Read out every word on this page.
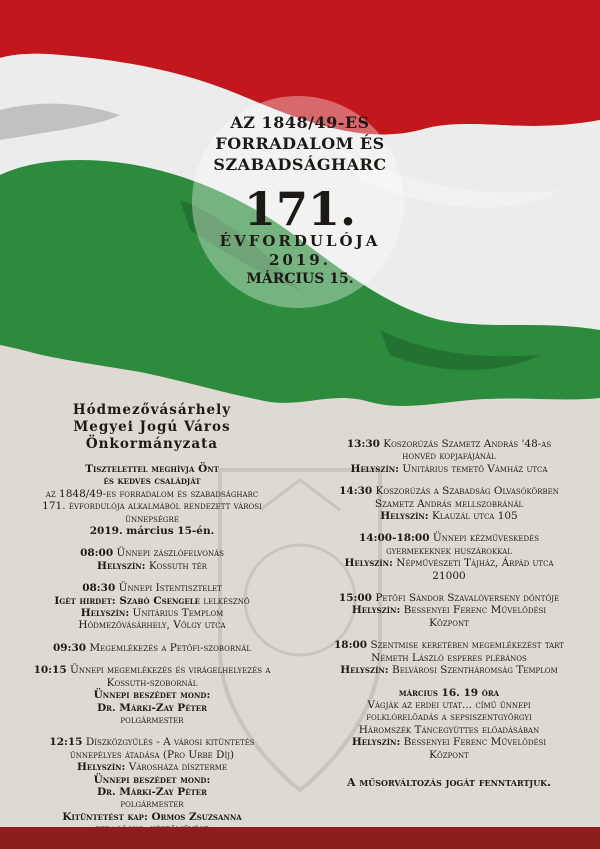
AZ 1848/49-ES
FORRADALOM ÉS
SZABADSÁGHARC
171.
ÉVFORDULÓJA
2019.
MÁRCIUS 15.
Hódmezővásárhely
Megyei Jogú Város
Önkormányzata
Tisztelettel meghívja Önt
és kedves családját
az 1848/49-es forradalom és szabadságharc
171. évfordulója alkalmából rendezett városi
ünnepségre
2019. március 15-én.
08:00 Ünnepi zászlófelvonás
Helyszín: Kossuth tér
08:30 Ünnepi Istentisztelet
Igét hirdet: Szabó Csengele lelkésznő
Helyszín: Unitárius Templom
Hódmezővásárhely, Völgy utca
09:30 Megemlékezés a Petőfi-szobornál
10:15 Ünnepi megemlékezés és virágelhelyezés a
Kossuth-szobornál
Ünnepi beszédet mond:
Dr. Márki-Zay Péter
polgármester
12:15 Díszközgyűlés - A városi kitüntetés
ünnepélyes átadása (Pro Urbe Díj)
Helyszín: Városháza díszterme
Ünnepi beszédet mond:
Dr. Márki-Zay Péter
polgármester
Kitüntetést kap: Ormos Zsuzsanna
13:30 Koszorúzás Szametz András '48-as
honvéd kopjafájánál
Helyszín: Unitárius temető Vámház utca
14:30 Koszorúzás a Szabadság Olvasókörben
Szametz András mellszobránál
Helyszín: Klauzál utca 105
14:00-18:00 Ünnepi kézműveskedés
gyermekeknek huszárokkal
Helyszín: Népművészeti Tájház, Árpád utca
21000
15:00 Petőfi Sándor Szavalóverseny döntője
Helyszín: Bessenyei Ferenc Művelődési
Központ
18:00 Szentmise keretében megemlékezést tart
Németh László esperes plébános
Helyszín: Belvárosi Szentháromság Templom
március 16. 19 óra
Vágják az erdei utat... című ünnepi
folklórelőadás a sepsiszentgyörgyi
Háromszék Táncegyüttes előadásában
Helyszín: Bessenyei Ferenc Művelődési
Központ
A műsorváltozás jogát fenntartjuk.
